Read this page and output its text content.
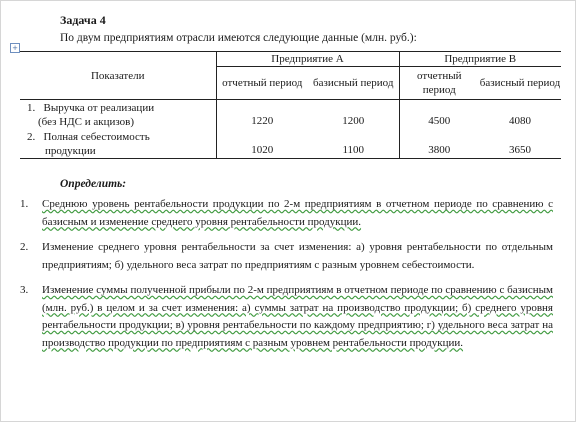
Задача 4
По двум предприятиям отрасли имеются следующие данные (млн. руб.):
+
Показатели	Предприятие А		Предприятие В	
	отчетный период	базисный период	отчетный период	базисный период

1. Выручка от реализации
(без НДС и акцизов)	1220	1200	4500	4080

2. Полная себестоимость
продукции	1020	1100	3800	3650
Определить:
1. Среднюю уровень рентабельности продукции по 2-м предприятиям в отчетном периоде по сравнению с базисным и изменение среднего уровня рентабельности продукции.
2. Изменение среднего уровня рентабельности за счет изменения: а) уровня рентабельности по отдельным предприятиям; б) удельного веса затрат по предприятиям с разным уровнем себестоимости.
3. Изменение суммы полученной прибыли по 2-м предприятиям в отчетном периоде по сравнению с базисным (млн. руб.) в целом и за счет изменения: а) суммы затрат на производство продукции; б) среднего уровня рентабельности продукции; в) уровня рентабельности по каждому предприятию; г) удельного веса затрат на производство продукции по предприятиям с разным уровнем рентабельности продукции.
